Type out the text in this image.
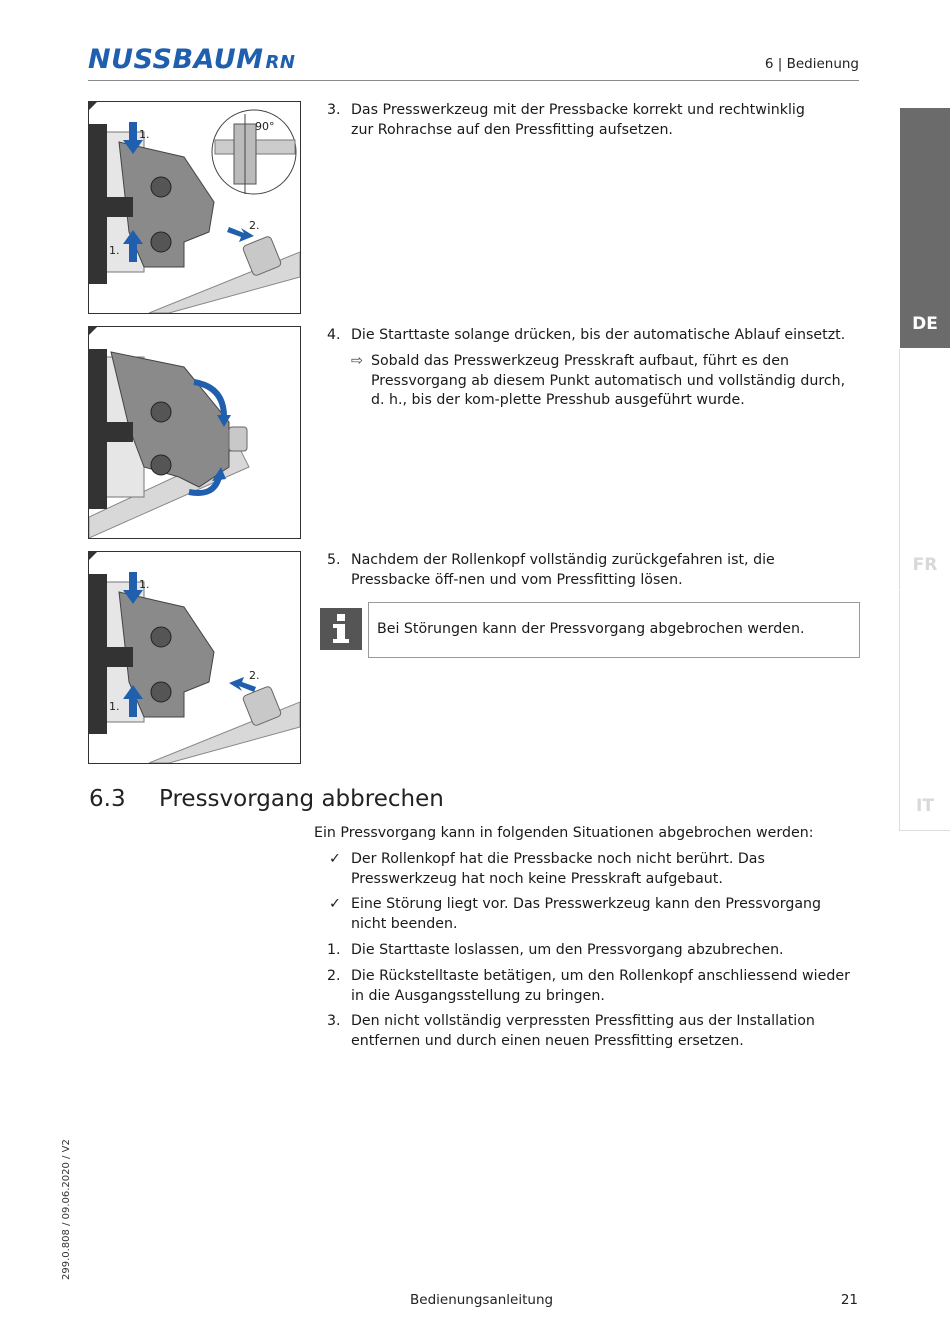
NUSSBAUM RN	6 | Bedienung
DE
FR
IT
1.
1.
2.
90°
1.
1.
2.
3. Das Presswerkzeug mit der Pressbacke korrekt und rechtwinklig zur Rohrachse auf den Pressfitting aufsetzen.
4. Die Starttaste solange drücken, bis der automatische Ablauf einsetzt.
⇨ Sobald das Presswerkzeug Presskraft aufbaut, führt es den Pressvorgang ab diesem Punkt automatisch und vollständig durch, d. h., bis der kom-plette Presshub ausgeführt wurde.
5. Nachdem der Rollenkopf vollständig zurückgefahren ist, die Pressbacke öff-nen und vom Pressfitting lösen.
Bei Störungen kann der Pressvorgang abgebrochen werden.
6.3 Pressvorgang abbrechen
Ein Pressvorgang kann in folgenden Situationen abgebrochen werden:
✓ Der Rollenkopf hat die Pressbacke noch nicht berührt. Das Presswerkzeug hat noch keine Presskraft aufgebaut.
✓ Eine Störung liegt vor. Das Presswerkzeug kann den Pressvorgang nicht beenden.
1. Die Starttaste loslassen, um den Pressvorgang abzubrechen.
2. Die Rückstelltaste betätigen, um den Rollenkopf anschliessend wieder in die Ausgangsstellung zu bringen.
3. Den nicht vollständig verpressten Pressfitting aus der Installation entfernen und durch einen neuen Pressfitting ersetzen.
299.0.808 / 09.06.2020 / V2
Bedienungsanleitung	21
